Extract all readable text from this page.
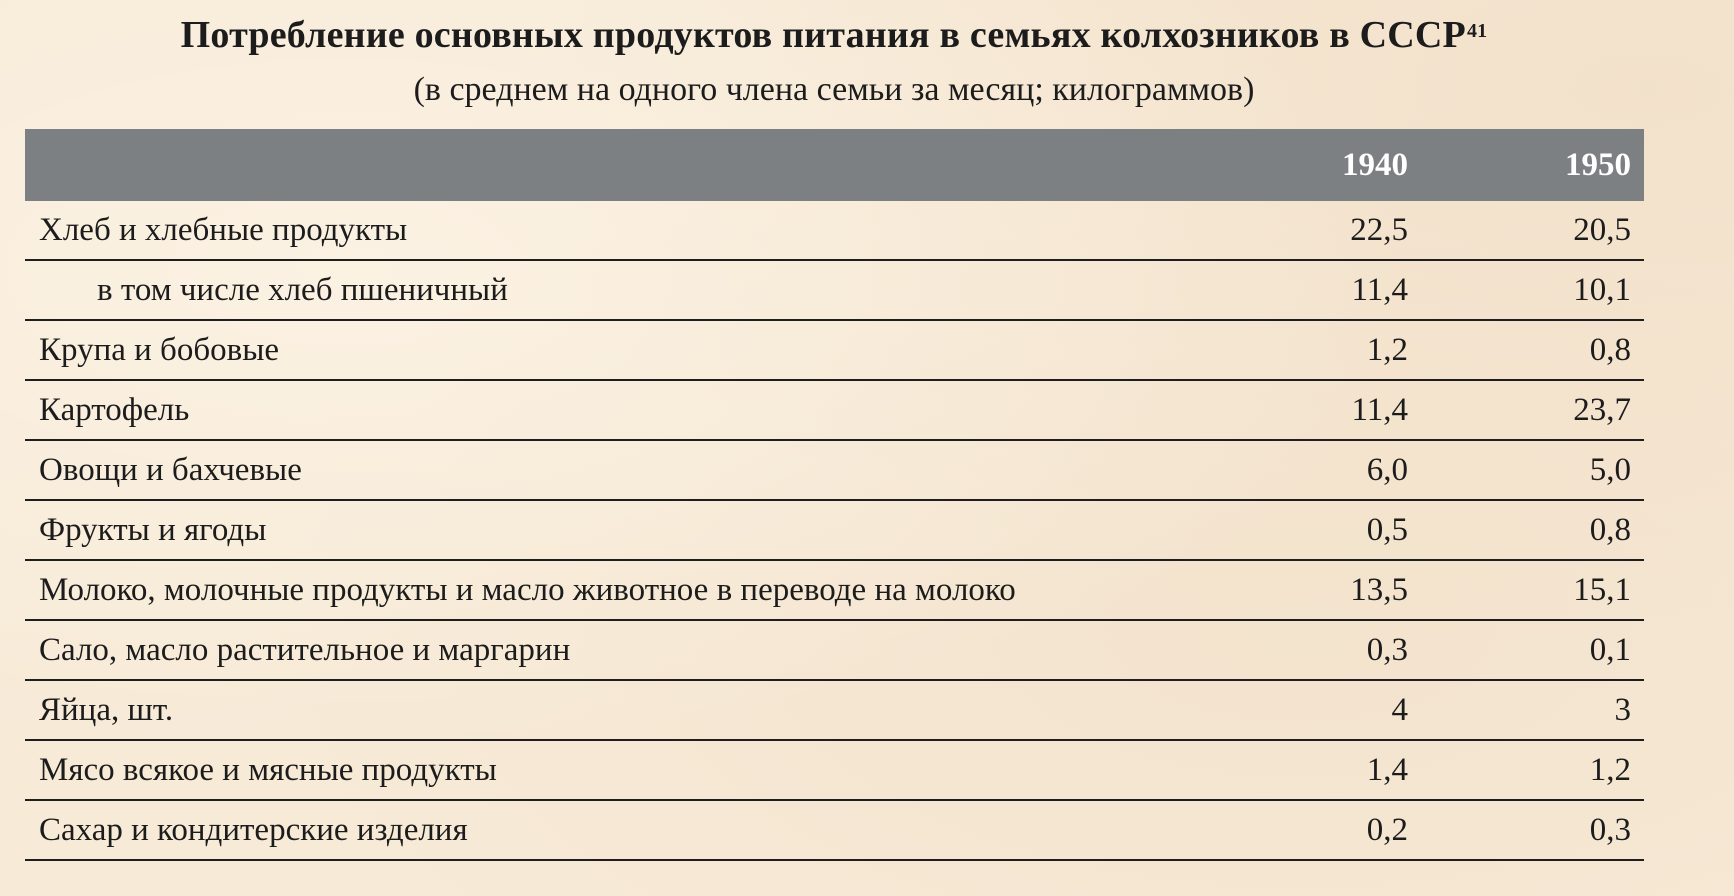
Потребление основных продуктов питания в семьях колхозников в СССР$^{41}$
(в среднем на одного члена семьи за месяц; килограммов)
1940	1950
Хлеб и хлебные продукты	22,5	20,5
в том числе хлеб пшеничный	11,4	10,1
Крупа и бобовые	1,2	0,8
Картофель	11,4	23,7
Овощи и бахчевые	6,0	5,0
Фрукты и ягоды	0,5	0,8
Молоко, молочные продукты и масло животное в переводе на молоко	13,5	15,1
Сало, масло растительное и маргарин	0,3	0,1
Яйца, шт.	4	3
Мясо всякое и мясные продукты	1,4	1,2
Сахар и кондитерские изделия	0,2	0,3
